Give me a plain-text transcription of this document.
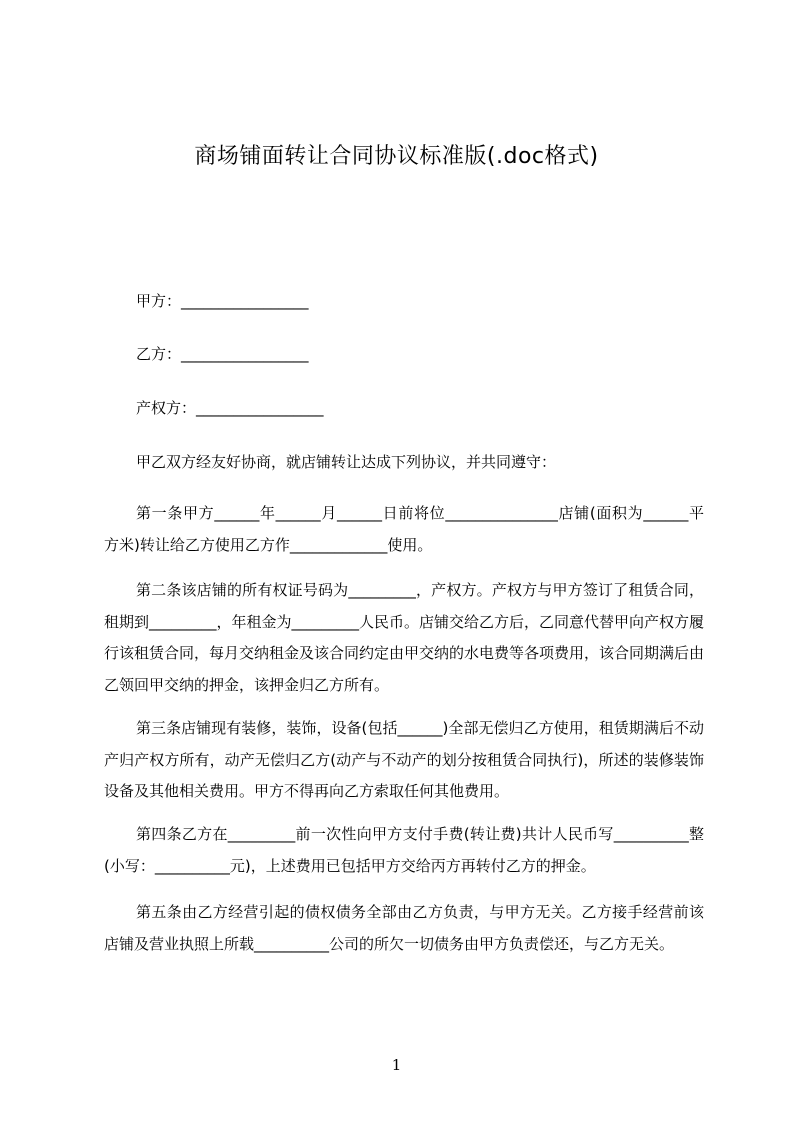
商场铺面转让合同协议标准版(.doc格式)
甲方：_________________
乙方：_________________
产权方：_________________
甲乙双方经友好协商，就店铺转让达成下列协议，并共同遵守：

第一条甲方______年______月______日前将位_______________店铺(面积为______平方米)转让给乙方使用乙方作_____________使用。

第二条该店铺的所有权证号码为_________，产权方。产权方与甲方签订了租赁合同，租期到_________，年租金为_________人民币。店铺交给乙方后，乙同意代替甲向产权方履行该租赁合同，每月交纳租金及该合同约定由甲交纳的水电费等各项费用，该合同期满后由乙领回甲交纳的押金，该押金归乙方所有。

第三条店铺现有装修，装饰，设备(包括______)全部无偿归乙方使用，租赁期满后不动产归产权方所有，动产无偿归乙方(动产与不动产的划分按租赁合同执行)，所述的装修装饰设备及其他相关费用。甲方不得再向乙方索取任何其他费用。

第四条乙方在_________前一次性向甲方支付手费(转让费)共计人民币写__________整(小写：__________元)，上述费用已包括甲方交给丙方再转付乙方的押金。

第五条由乙方经营引起的债权债务全部由乙方负责，与甲方无关。乙方接手经营前该店铺及营业执照上所载__________公司的所欠一切债务由甲方负责偿还，与乙方无关。

1
